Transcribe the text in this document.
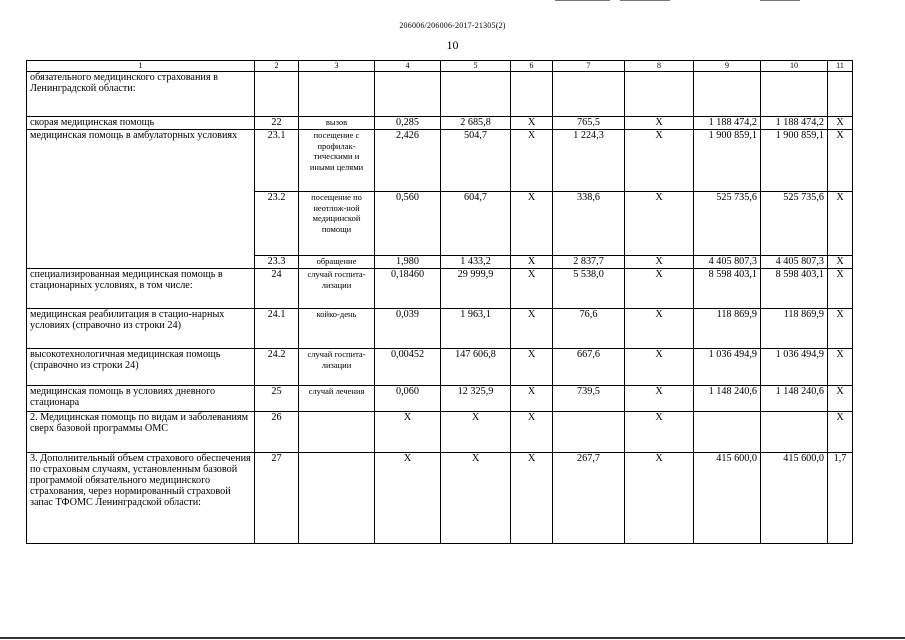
206006/206006-2017-21305(2)
10
1	2	3	4	5	6	7	8	9	10	11
обязательного медицинского страхования в Ленинградской области:										
скорая медицинская помощь	22	вызов	0,285	2 685,8	X	765,5	X	1 188 474,2	1 188 474,2	X
медицинская помощь в амбулаторных условиях	23.1	посещение с профилак-тическими и иными целями	2,426	504,7	X	1 224,3	X	1 900 859,1	1 900 859,1	X
	23.2	посещение по неотлож-ной медицинской помощи	0,560	604,7	X	338,6	X	525 735,6	525 735,6	X
	23.3	обращение	1,980	1 433,2	X	2 837,7	X	4 405 807,3	4 405 807,3	X
специализированная медицинская помощь в стационарных условиях, в том числе:	24	случай госпита-лизации	0,18460	29 999,9	X	5 538,0	X	8 598 403,1	8 598 403,1	X
медицинская реабилитация в стацио-нарных условиях (справочно из строки 24)	24.1	койко-день	0,039	1 963,1	X	76,6	X	118 869,9	118 869,9	X
высокотехнологичная медицинская помощь (справочно из строки 24)	24.2	случай госпита-лизации	0,00452	147 606,8	X	667,6	X	1 036 494,9	1 036 494,9	X
медицинская помощь в условиях дневного стационара	25	случай лечения	0,060	12 325,9	X	739,5	X	1 148 240,6	1 148 240,6	X
2. Медицинская помощь по видам и заболеваниям сверх базовой программы ОМС	26		X	X	X		X			X
3. Дополнительный объем страхового обеспечения по страховым случаям, установленным базовой программой обязательного медицинского страхования, через нормированный страховой запас ТФОМС Ленинградской области:	27		X	X	X	267,7	X	415 600,0	415 600,0	1,7
